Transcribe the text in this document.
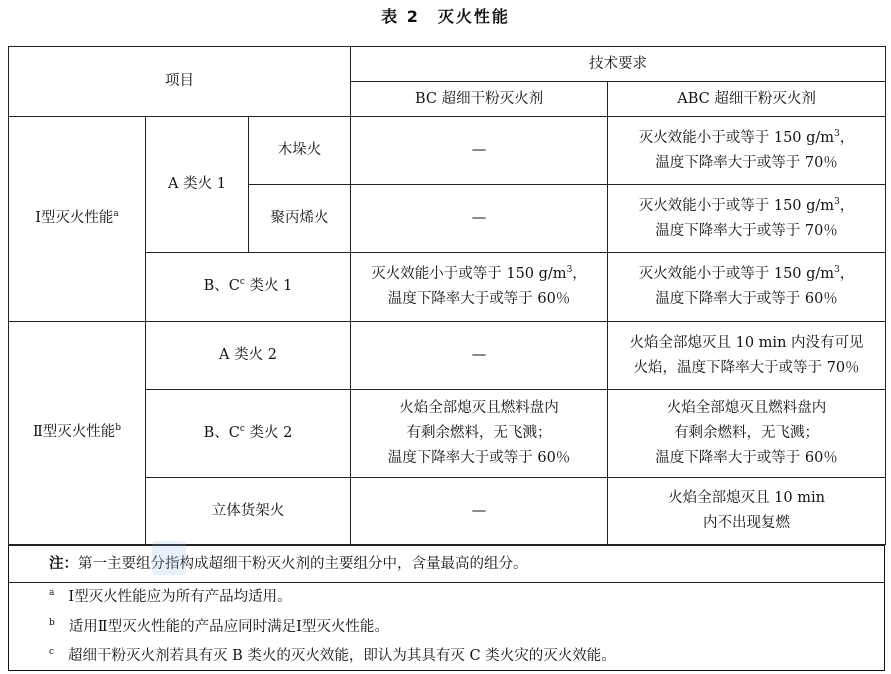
表 2　灭火性能
项目			技术要求	
			BC 超细干粉灭火剂	ABC 超细干粉灭火剂
Ⅰ型灭火性能$^a$	A 类火 1	木垛火	—	灭火效能小于或等于 150 $g/m^3$，
温度下降率大于或等于 70％

		聚丙烯火	—	灭火效能小于或等于 150 $g/m^3$，
温度下降率大于或等于 70％

	B、$C^c$ 类火 1		灭火效能小于或等于 150 $g/m^3$，
温度下降率大于或等于 60％	灭火效能小于或等于 150 $g/m^3$，
温度下降率大于或等于 60％

Ⅱ型灭火性能$^b$	A 类火 2		—	火焰全部熄灭且 10 min 内没有可见
火焰，温度下降率大于或等于 70％

	B、$C^c$ 类火 2		火焰全部熄灭且燃料盘内
有剩余燃料，无飞溅；
温度下降率大于或等于 60％	火焰全部熄灭且燃料盘内
有剩余燃料，无飞溅；
温度下降率大于或等于 60％

	立体货架火		—	火焰全部熄灭且 10 min
内不出现复燃
注：第一主要组分指构成超细干粉灭火剂的主要组分中，含量最高的组分。
$^a$ Ⅰ型灭火性能应为所有产品均适用。
$^b$ 适用Ⅱ型灭火性能的产品应同时满足Ⅰ型灭火性能。
$^c$ 超细干粉灭火剂若具有灭 B 类火的灭火效能，即认为其具有灭 C 类火灾的灭火效能。
